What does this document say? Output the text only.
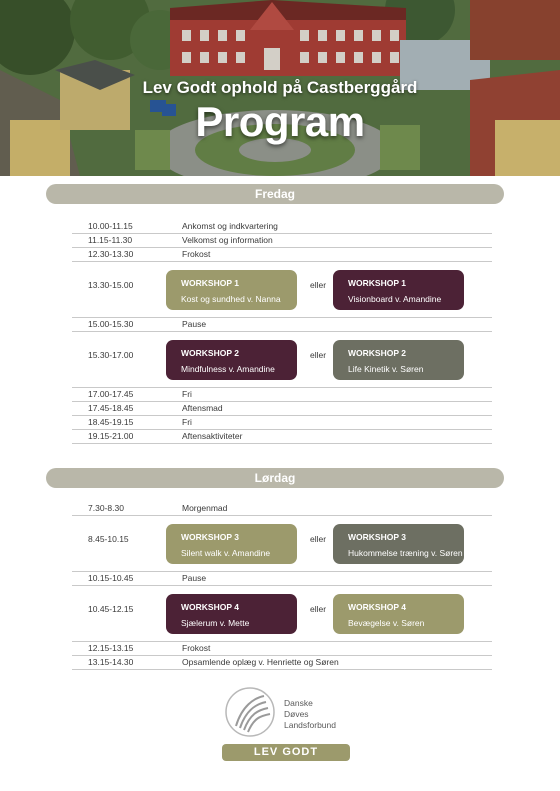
Lev Godt ophold på Castberggård
Program
Fredag
10.00-11.15	Ankomst og indkvartering
11.15-11.30	Velkomst og information
12.30-13.30	Frokost
13.30-15.00	WORKSHOP 1
Kost og sundhed v. Nanna
eller	WORKSHOP 1
Visionboard v. Amandine
15.00-15.30	Pause
15.30-17.00	WORKSHOP 2
Mindfulness v. Amandine
eller	WORKSHOP 2
Life Kinetik v. Søren
17.00-17.45	Fri
17.45-18.45	Aftensmad
18.45-19.15	Fri
19.15-21.00	Aftensaktiviteter
Lørdag
7.30-8.30	Morgenmad
8.45-10.15	WORKSHOP 3
Silent walk v. Amandine
eller	WORKSHOP 3
Hukommelse træning v. Søren
10.15-10.45	Pause
10.45-12.15	WORKSHOP 4
Sjælerum v. Mette
eller	WORKSHOP 4
Bevægelse v. Søren
12.15-13.15	Frokost
13.15-14.30	Opsamlende oplæg v. Henriette og Søren
Danske
Døves
Landsforbund
LEV GODT
